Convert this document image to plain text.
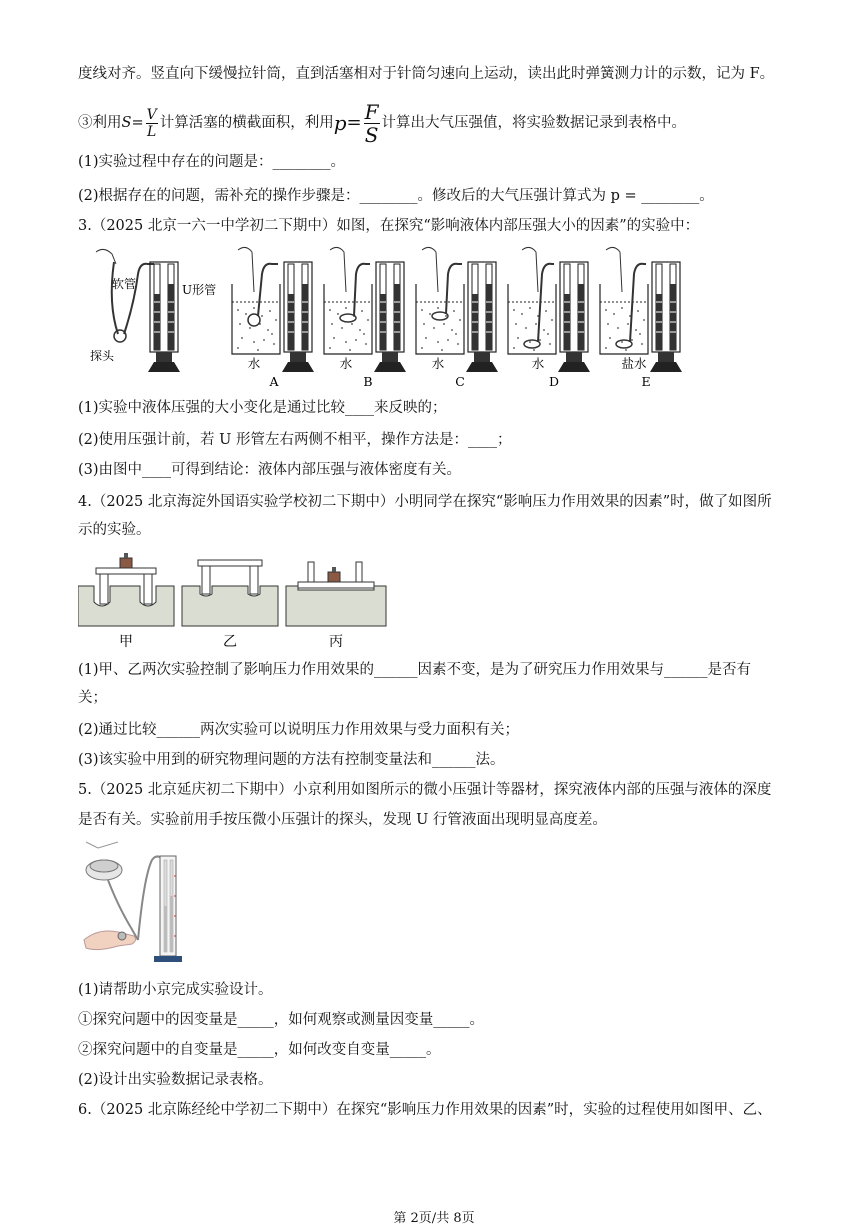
度线对齐。竖直向下缓慢拉针筒，直到活塞相对于针筒匀速向上运动，读出此时弹簧测力计的示数，记为 F。
③利用 $S = \frac{V}{L}$ 计算活塞的横截面积，利用 $p = \frac{F}{S}$ 计算出大气压强值，将实验数据记录到表格中。
(1)实验过程中存在的问题是：________。
(2)根据存在的问题，需补充的操作步骤是：________。修改后的大气压强计算式为 p = ________。
3.（2025 北京一六一中学初二下期中）如图，在探究“影响液体内部压强大小的因素”的实验中：
软管	U形管
探头	水	水	水	水	盐水
A	B	C	D	E
(1)实验中液体压强的大小变化是通过比较____来反映的；
(2)使用压强计前，若 U 形管左右两侧不相平，操作方法是：____；
(3)由图中____可得到结论：液体内部压强与液体密度有关。
4.（2025 北京海淀外国语实验学校初二下期中）小明同学在探究“影响压力作用效果的因素”时，做了如图所
示的实验。
甲	乙	丙
(1)甲、乙两次实验控制了影响压力作用效果的______因素不变，是为了研究压力作用效果与______是否有
关；
(2)通过比较______两次实验可以说明压力作用效果与受力面积有关；
(3)该实验中用到的研究物理问题的方法有控制变量法和______法。
5.（2025 北京延庆初二下期中）小京利用如图所示的微小压强计等器材，探究液体内部的压强与液体的深度
是否有关。实验前用手按压微小压强计的探头，发现 U 行管液面出现明显高度差。
(1)请帮助小京完成实验设计。
①探究问题中的因变量是_____，如何观察或测量因变量_____。
②探究问题中的自变量是_____，如何改变自变量_____。
(2)设计出实验数据记录表格。
6.（2025 北京陈经纶中学初二下期中）在探究“影响压力作用效果的因素”时，实验的过程使用如图甲、乙、
第 2页/共 8页
